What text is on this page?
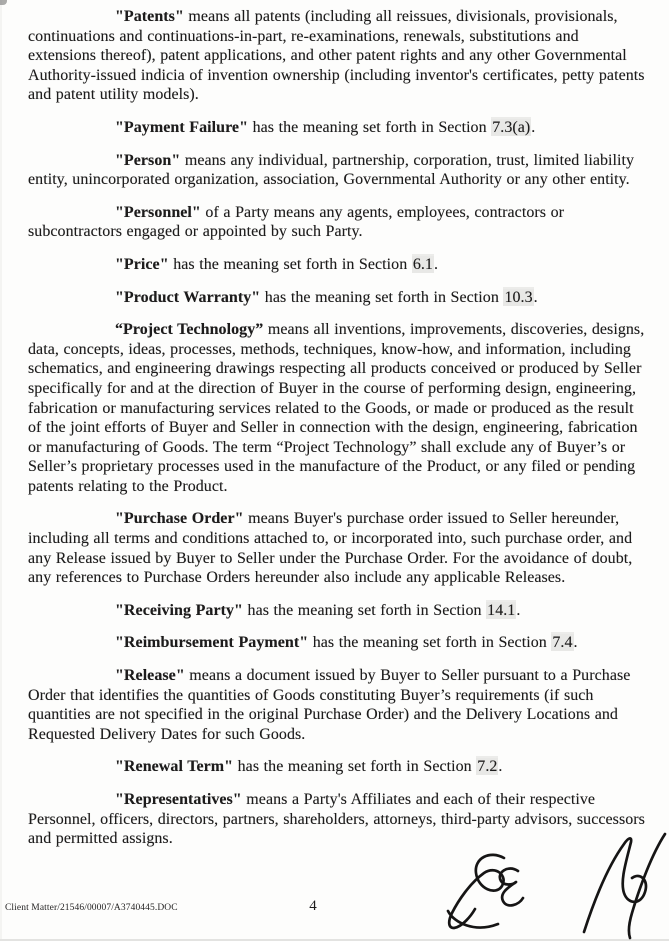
"Patents" means all patents (including all reissues, divisionals, provisionals, continuations and continuations-in-part, re-examinations, renewals, substitutions and extensions thereof), patent applications, and other patent rights and any other Governmental Authority-issued indicia of invention ownership (including inventor's certificates, petty patents and patent utility models).

"Payment Failure" has the meaning set forth in Section 7.3(a).

"Person" means any individual, partnership, corporation, trust, limited liability entity, unincorporated organization, association, Governmental Authority or any other entity.

"Personnel" of a Party means any agents, employees, contractors or subcontractors engaged or appointed by such Party.

"Price" has the meaning set forth in Section 6.1.

"Product Warranty" has the meaning set forth in Section 10.3.

“Project Technology” means all inventions, improvements, discoveries, designs, data, concepts, ideas, processes, methods, techniques, know-how, and information, including schematics, and engineering drawings respecting all products conceived or produced by Seller specifically for and at the direction of Buyer in the course of performing design, engineering, fabrication or manufacturing services related to the Goods, or made or produced as the result of the joint efforts of Buyer and Seller in connection with the design, engineering, fabrication or manufacturing of Goods. The term “Project Technology” shall exclude any of Buyer’s or Seller’s proprietary processes used in the manufacture of the Product, or any filed or pending patents relating to the Product.

"Purchase Order" means Buyer's purchase order issued to Seller hereunder, including all terms and conditions attached to, or incorporated into, such purchase order, and any Release issued by Buyer to Seller under the Purchase Order. For the avoidance of doubt, any references to Purchase Orders hereunder also include any applicable Releases.

"Receiving Party" has the meaning set forth in Section 14.1.

"Reimbursement Payment" has the meaning set forth in Section 7.4.

"Release" means a document issued by Buyer to Seller pursuant to a Purchase Order that identifies the quantities of Goods constituting Buyer’s requirements (if such quantities are not specified in the original Purchase Order) and the Delivery Locations and Requested Delivery Dates for such Goods.

"Renewal Term" has the meaning set forth in Section 7.2.

"Representatives" means a Party's Affiliates and each of their respective Personnel, officers, directors, partners, shareholders, attorneys, third-party advisors, successors and permitted assigns.

Client Matter/21546/00007/A3740445.DOC	4
